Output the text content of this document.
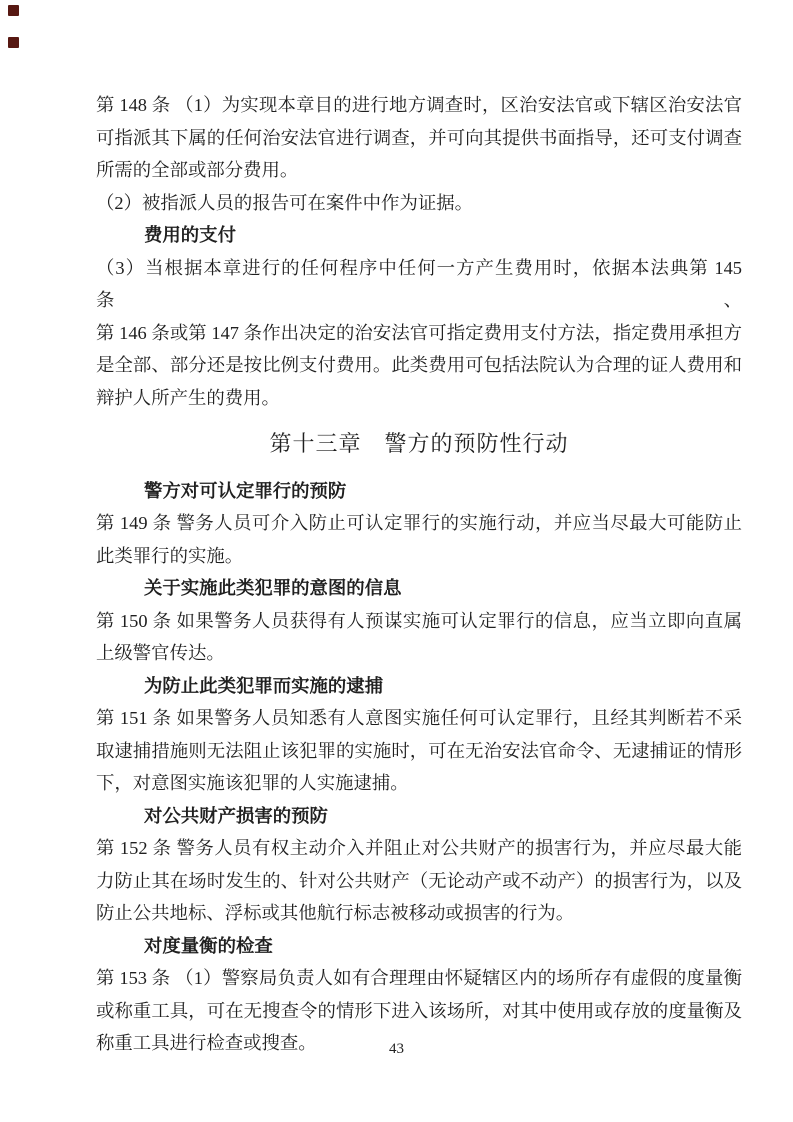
第 148 条 （1）为实现本章目的进行地方调查时，区治安法官或下辖区治安法官
可指派其下属的任何治安法官进行调查，并可向其提供书面指导，还可支付调查
所需的全部或部分费用。
（2）被指派人员的报告可在案件中作为证据。
费用的支付
（3）当根据本章进行的任何程序中任何一方产生费用时，依据本法典第 145 条、
第 146 条或第 147 条作出决定的治安法官可指定费用支付方法，指定费用承担方
是全部、部分还是按比例支付费用。此类费用可包括法院认为合理的证人费用和
辩护人所产生的费用。
第十三章　警方的预防性行动
警方对可认定罪行的预防
第 149 条 警务人员可介入防止可认定罪行的实施行动，并应当尽最大可能防止
此类罪行的实施。
关于实施此类犯罪的意图的信息
第 150 条 如果警务人员获得有人预谋实施可认定罪行的信息，应当立即向直属
上级警官传达。
为防止此类犯罪而实施的逮捕
第 151 条 如果警务人员知悉有人意图实施任何可认定罪行，且经其判断若不采
取逮捕措施则无法阻止该犯罪的实施时，可在无治安法官命令、无逮捕证的情形
下，对意图实施该犯罪的人实施逮捕。
对公共财产损害的预防
第 152 条 警务人员有权主动介入并阻止对公共财产的损害行为，并应尽最大能
力防止其在场时发生的、针对公共财产（无论动产或不动产）的损害行为，以及
防止公共地标、浮标或其他航行标志被移动或损害的行为。
对度量衡的检查
第 153 条 （1）警察局负责人如有合理理由怀疑辖区内的场所存有虚假的度量衡
或称重工具，可在无搜查令的情形下进入该场所，对其中使用或存放的度量衡及
称重工具进行检查或搜查。	43
